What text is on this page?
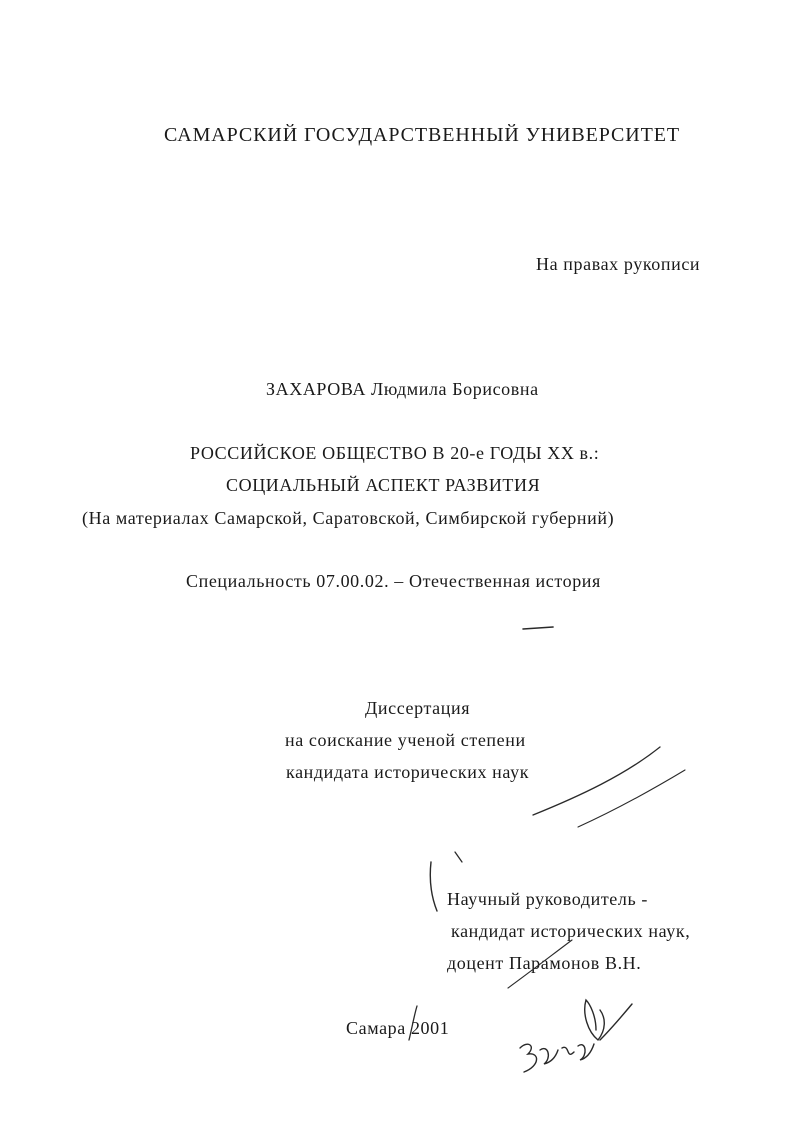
САМАРСКИЙ ГОСУДАРСТВЕННЫЙ УНИВЕРСИТЕТ
На правах рукописи
ЗАХАРОВА Людмила Борисовна
РОССИЙСКОЕ ОБЩЕСТВО В 20-е ГОДЫ XX в.:
СОЦИАЛЬНЫЙ АСПЕКТ РАЗВИТИЯ
(На материалах Самарской, Саратовской, Симбирской губерний)
Специальность 07.00.02. – Отечественная история
Диссертация
на соискание ученой степени
кандидата исторических наук
Научный руководитель -
кандидат исторических наук,
доцент Парамонов В.Н.
Самара 2001
